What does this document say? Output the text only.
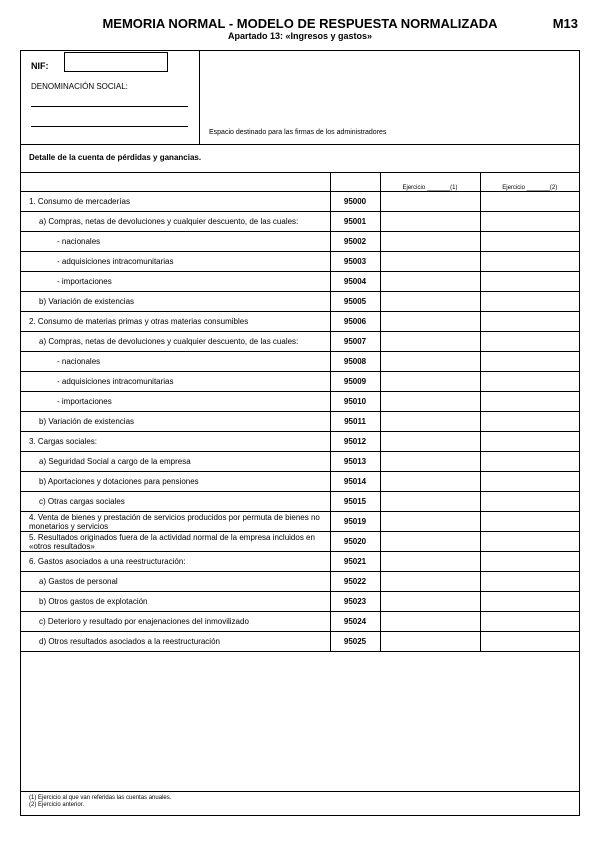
MEMORIA NORMAL - MODELO DE RESPUESTA NORMALIZADA
Apartado 13: «Ingresos y gastos»
M13
NIF:
DENOMINACIÓN SOCIAL:
Espacio destinado para las firmas de los administradores
Detalle de la cuenta de pérdidas y ganancias.
		Ejercicio _______(1)	Ejercicio _______(2)

1. Consumo de mercaderías	95000		

a) Compras, netas de devoluciones y cualquier descuento, de las cuales:	95001		

- nacionales	95002		

- adquisiciones intracomunitarias	95003		

- importaciones	95004		

b) Variación de existencias	95005		

2. Consumo de materias primas y otras materias consumibles	95006		

a) Compras, netas de devoluciones y cualquier descuento, de las cuales:	95007		

- nacionales	95008		

- adquisiciones intracomunitarias	95009		

- importaciones	95010		

b) Variación de existencias	95011		

3. Cargas sociales:	95012		

a) Seguridad Social a cargo de la empresa	95013		

b) Aportaciones y dotaciones para pensiones	95014		

c) Otras cargas sociales	95015		

4. Venta de bienes y prestación de servicios producidos por permuta de bienes no monetarios y servicios	95019		

5. Resultados originados fuera de la actividad normal de la empresa incluidos en «otros resultados»	95020		

6. Gastos asociados a una reestructuración:	95021		

a) Gastos de personal	95022		

b) Otros gastos de explotación	95023		

c) Deterioro y resultado por enajenaciones del inmovilizado	95024		

d) Otros resultados asociados a la reestructuración	95025		
(1) Ejercicio al que van referidas las cuentas anuales.
(2) Ejercicio anterior.
